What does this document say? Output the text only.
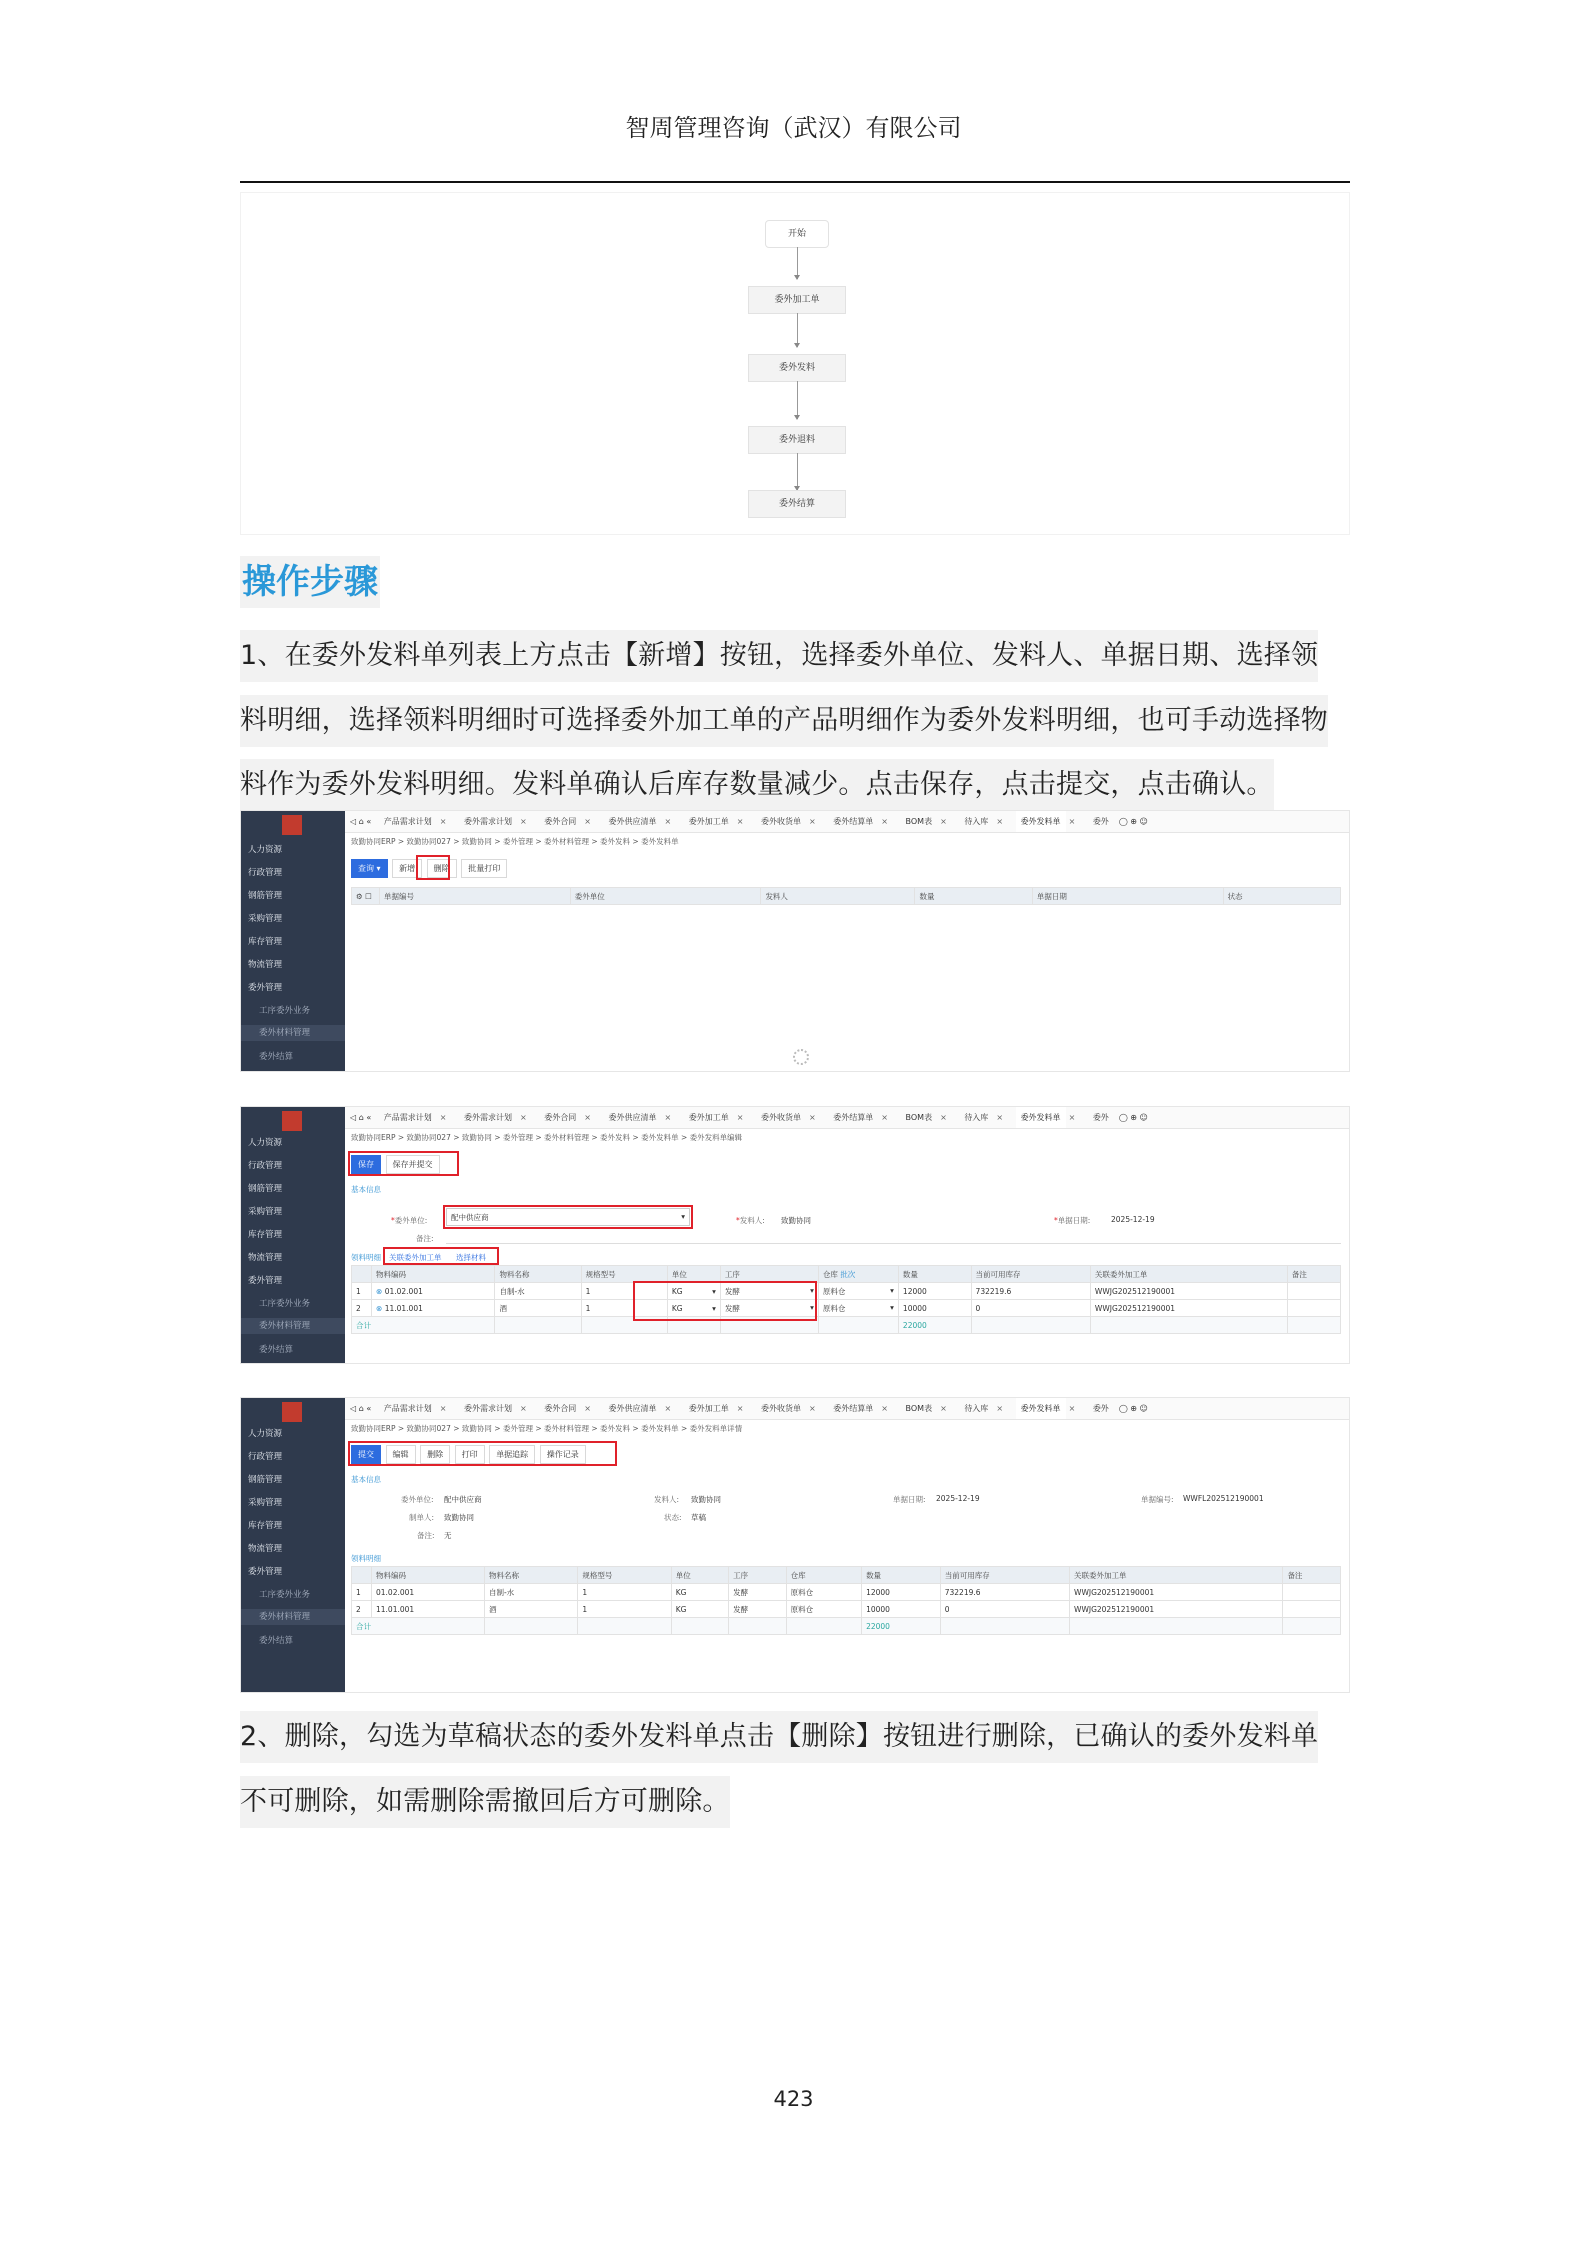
智周管理咨询（武汉）有限公司
开始
委外加工单
委外发料
委外退料
委外结算
操作步骤
1、在委外发料单列表上方点击【新增】按钮，选择委外单位、发料人、单据日期、选择领
料明细，选择领料明细时可选择委外加工单的产品明细作为委外发料明细，也可手动选择物
料作为委外发料明细。发料单确认后库存数量减少。点击保存，点击提交，点击确认。
人力资源
行政管理
钢筋管理
采购管理
库存管理
物流管理
委外管理
工序委外业务
委外材料管理
委外结算
◁ ⌂ « 产品需求计划 × 委外需求计划 × 委外合同 × 委外供应清单 × 委外加工单 × 委外收货单 × 委外结算单 × BOM表 × 待入库 × 委外发料单 × 委外 ◯ ⊕ ☺
致勤协同ERP > 致勤协同027 > 致勤协同 > 委外管理 > 委外材料管理 > 委外发料 > 委外发料单
查询 ▾ 新增 删除 批量打印
⚙ ☐	单据编号	委外单位	发料人	数量	单据日期	状态
人力资源
行政管理
钢筋管理
采购管理
库存管理
物流管理
委外管理
工序委外业务
委外材料管理
委外结算
◁ ⌂ « 产品需求计划 × 委外需求计划 × 委外合同 × 委外供应清单 × 委外加工单 × 委外收货单 × 委外结算单 × BOM表 × 待入库 × 委外发料单 × 委外 ◯ ⊕ ☺
致勤协同ERP > 致勤协同027 > 致勤协同 > 委外管理 > 委外材料管理 > 委外发料 > 委外发料单 > 委外发料单编辑
保存 保存并提交
基本信息
*委外单位:	配中供应商	▾	*发料人: 致勤协同	*单据日期:	2025-12-19
备注:
领料明细 关联委外加工单 选择材料
	物料编码	物料名称	规格型号	单位	工序	仓库 批次	数量	当前可用库存	关联委外加工单	备注
1	⊗ 01.02.001	自制-水	1	KG ▾	发酵 ▾	原料仓 ▾	12000	732219.6	WWJG202512190001	
2	⊗ 11.01.001	酒	1	KG ▾	发酵 ▾	原料仓 ▾	10000	0	WWJG202512190001	
合计							22000			
人力资源
行政管理
钢筋管理
采购管理
库存管理
物流管理
委外管理
工序委外业务
委外材料管理
委外结算
◁ ⌂ « 产品需求计划 × 委外需求计划 × 委外合同 × 委外供应清单 × 委外加工单 × 委外收货单 × 委外结算单 × BOM表 × 待入库 × 委外发料单 × 委外 ◯ ⊕ ☺
致勤协同ERP > 致勤协同027 > 致勤协同 > 委外管理 > 委外材料管理 > 委外发料 > 委外发料单 > 委外发料单详情
提交 编辑 删除 打印 单据追踪 操作记录
基本信息
委外单位: 配中供应商	发料人: 致勤协同	单据日期: 2025-12-19	单据编号: WWFL202512190001
制单人: 致勤协同	状态: 草稿
备注: 无
领料明细
	物料编码	物料名称	规格型号	单位	工序	仓库	数量	当前可用库存	关联委外加工单	备注
1	01.02.001	自制-水	1	KG	发酵	原料仓	12000	732219.6	WWJG202512190001	
2	11.01.001	酒	1	KG	发酵	原料仓	10000	0	WWJG202512190001	
合计							22000			
2、删除，勾选为草稿状态的委外发料单点击【删除】按钮进行删除，已确认的委外发料单
不可删除，如需删除需撤回后方可删除。
423
